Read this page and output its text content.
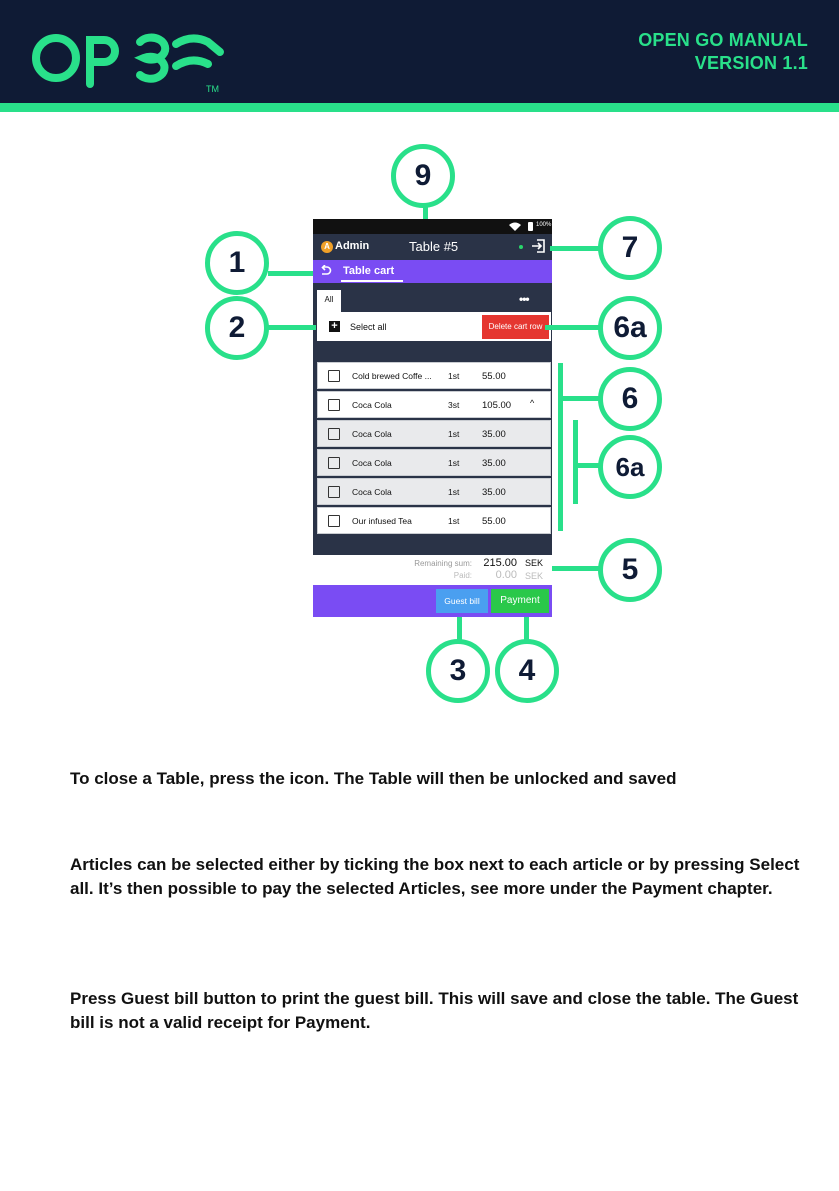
TM
OPEN GO MANUAL
VERSION 1.1
100%
A Admin	Table #5
Table cart
All	•••
+ Select all	Delete cart row
Cold brewed Coffe ... 1st 55.00
Coca Cola	3st 105.00 ^
Coca Cola	1st 35.00
Coca Cola	1st 35.00
Coca Cola	1st 35.00
Our infused Tea	1st 55.00
Remaining sum: 215.00 SEK
Paid: 0.00 SEK
Guest bill	Payment
9
1	7
2	6a
6
6a
5
3	4
To close a Table, press the icon. The Table will then be unlocked and saved
Articles can be selected either by ticking the box next to each article or by pressing Select all. It’s then possible to pay the selected Articles, see more under the Payment chapter.
Press Guest bill button to print the guest bill. This will save and close the table. The Guest bill is not a valid receipt for Payment.
